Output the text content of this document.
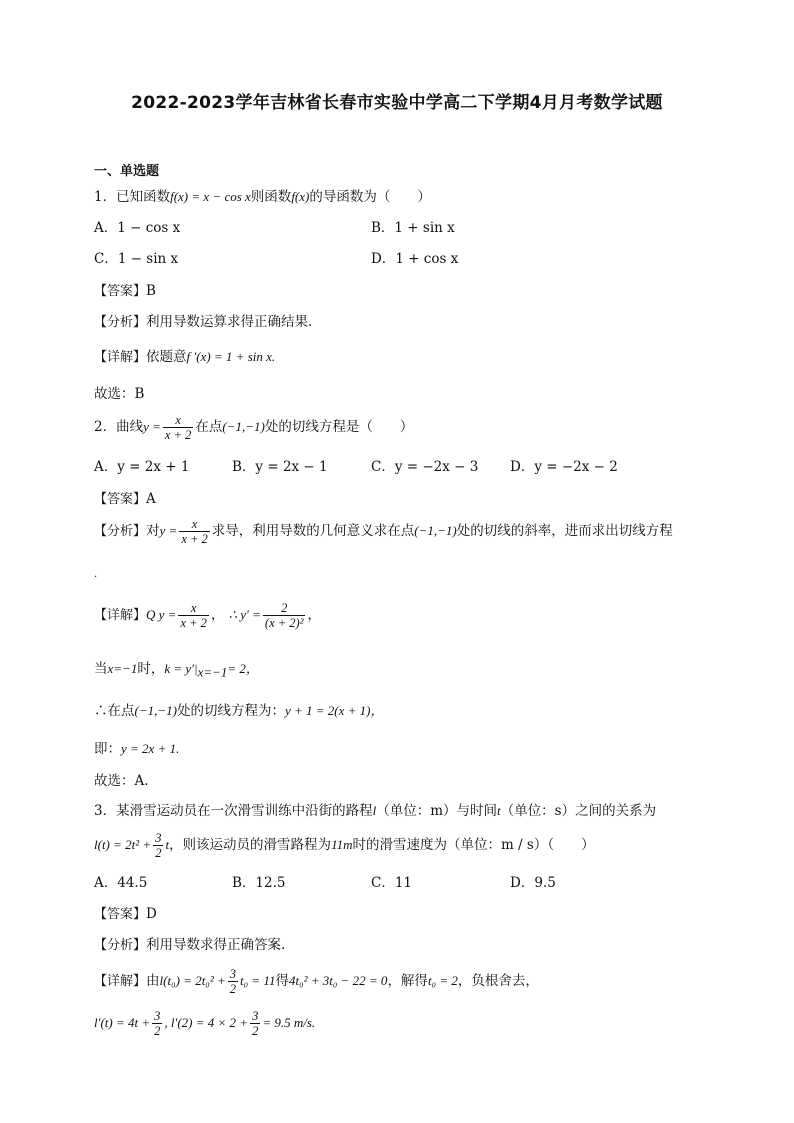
2022-2023学年吉林省长春市实验中学高二下学期4月月考数学试题
一、单选题
1．已知函数f(x) = x − cos x则函数f(x)的导函数为（　　）
A．1 − cos x	B．1 + sin x
C．1 − sin x	D．1 + cos x
【答案】B
【分析】利用导数运算求得正确结果.
【详解】依题意f ′(x) = 1 + sin x.
故选：B
2．曲线$y = \frac{x}{x + 2}$ 在点(−1,−1)处的切线方程是（　　）
A．y = 2x + 1	B．y = 2x − 1	C．y = −2x − 3 D．y = −2x − 2
【答案】A
【分析】对$y = \frac{x}{x + 2}$ 求导，利用导数的几何意义求在点(−1,−1)处的切线的斜率，进而求出切线方程
.
【详解】Q $y = \frac{x}{x + 2}$ ， ∴ $y' = \frac{2}{\text{(x + 2)²}}$ ，
当x=−1时，$k = y'|_{x=-1}= 2$，
∴在点(−1,−1)处的切线方程为：y + 1 = 2(x + 1)，
即：y = 2x + 1.
故选：A.
3．某滑雪运动员在一次滑雪训练中沿街的路程l（单位：m）与时间t（单位：s）之间的关系为
$l(t) = 2t^2 + \frac{3}{2}$ t，则该运动员的滑雪路程为11m时的滑雪速度为（单位：m / s）（　　）
A．44.5	B．12.5	C．11	D．9.5
【答案】D
【分析】利用导数求得正确答案.
【详解】由$l(t_0) = 2t_0^2 + \frac{3}{2} t_0 = 11$得4t₀² + 3t₀ − 22 = 0，解得t₀ = 2，负根舍去，
$l'(t) = 4t + \frac{3}{2}$ , $l'(2) = 4 \times 2 + \frac{3}{2} = 9.5$ m/s.
